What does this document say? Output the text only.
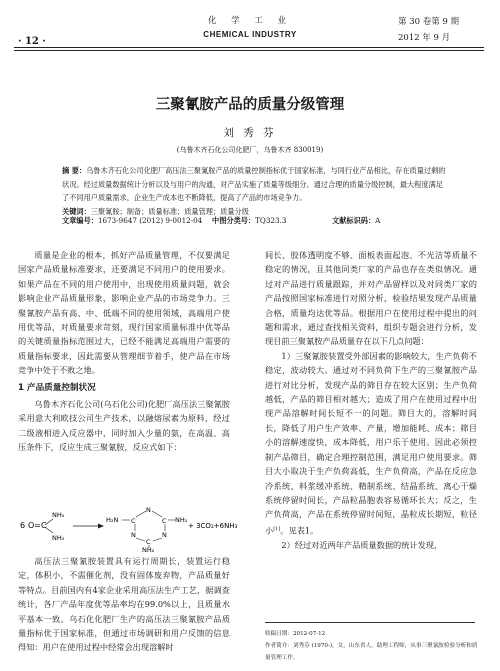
· 12 ·
化 学 工 业
CHEMICAL INDUSTRY
第 30 卷第 9 期
2012 年 9 月
三聚氰胺产品的质量分级管理
刘 秀 芬
(乌鲁木齐石化公司化肥厂，乌鲁木齐 830019)
摘 要：乌鲁木齐石化公司化肥厂高压法三聚氰胺产品的质量控制指标优于国家标准，与同行业产品相比，存在质量过剩的状况。经过质量数据统计分析以及与用户的沟通，对产品实施了质量等级细分。通过合理的质量分级控制，最大程度满足了不同用户质量需求，企业生产成本也不断降低，提高了产品的市场竞争力。
关键词：三聚氰胺；制备；质量标准；质量管理；质量分级
文章编号：1673-9647 (2012) 9-0012-04 中图分类号：TQ323.3	文献标识码：A

质量是企业的根本，抓好产品质量管理，不仅要满足国家产品质量标准要求，还要满足不同用户的使用要求。如果产品在不同的用户使用中，出现使用质量问题，就会影响企业产品质量形象，影响企业产品的市场竞争力。三聚氰胺产品有高、中、低端不同的使用领域，高端用户使用优等品，对质量要求苛刻，现行国家质量标准中优等品的关键质量指标范围过大，已经不能满足高端用户需要的质量指标要求，因此需要从管理细节着手，使产品在市场竞争中处于不败之地。

1 产品质量控制状况

乌鲁木齐石化公司(乌石化公司)化肥厂高压法三聚氰胺采用意大利欧技公司生产技术，以融熔尿素为原料，经过二级液相进入反应器中，同时加入少量的氨，在高温、高压条件下，反应生成三聚氰胺，反应式如下：

6 O=C
NH₂
NH₂
H₂N C
N
C NH₂
N	N
C
NH₂
+ 3CO₂+6NH₃

高压法三聚氰胺装置具有运行周期长，装置运行稳定，体积小，不需催化剂，没有固体废弃物，产品质量好等特点。目前国内有4家企业采用高压法生产工艺，据调查统计，各厂产品年度优等品率均在99.0%以上，且质量水平基本一致。乌石化化肥厂生产的高压法三聚氰胺产品质量指标优于国家标准，但通过市场调研和用户反馈的信息得知：用户在使用过程中经常会出现溶解时

间长、胶体透明度不够、面板表面起泡、不光洁等质量不稳定的情况，且其他同类厂家的产品也存在类似情况。通过对产品进行质量跟踪，并对产品留样以及对同类厂家的产品按照国家标准进行对照分析，检验结果发现产品质量合格，质量均达优等品。根据用户在使用过程中提出的问题和需求，通过查找相关资料，组织专题会进行分析，发现目前三聚氰胺产品质量存在以下几点问题：

1）三聚氰胺装置受外部因素的影响较大，生产负荷不稳定，波动较大。通过对不同负荷下生产的三聚氰胺产品进行对比分析，发现产品的筛目存在较大区别；生产负荷越低，产品的筛目相对越大；造成了用户在使用过程中出现产品溶解时间长短不一的问题。筛目大的，溶解时间长，降低了用户生产效率、产量，增加能耗、成本；筛目小的溶解速度快，成本降低，用户乐于使用。因此必须控制产品筛目，确定合理控制范围，满足用户使用要求。筛目大小取决于生产负荷高低，生产负荷高，产品在反应急冷系统、料浆缓冲系统、精制系统、结晶系统、离心干燥系统停留时间长，产品粒晶胞表容易循环长大；反之，生产负荷高，产品在系统停留时间短，晶粒成长期短，粒径小[1]。见表1。

2）经过对近两年产品质量数据的统计发现，

收稿日期：2012-07-12
作者简介：刘秀芬 (1970-)，女，山东省人，助理工程师，从事三聚氰胺检验分析和质量管理工作。
